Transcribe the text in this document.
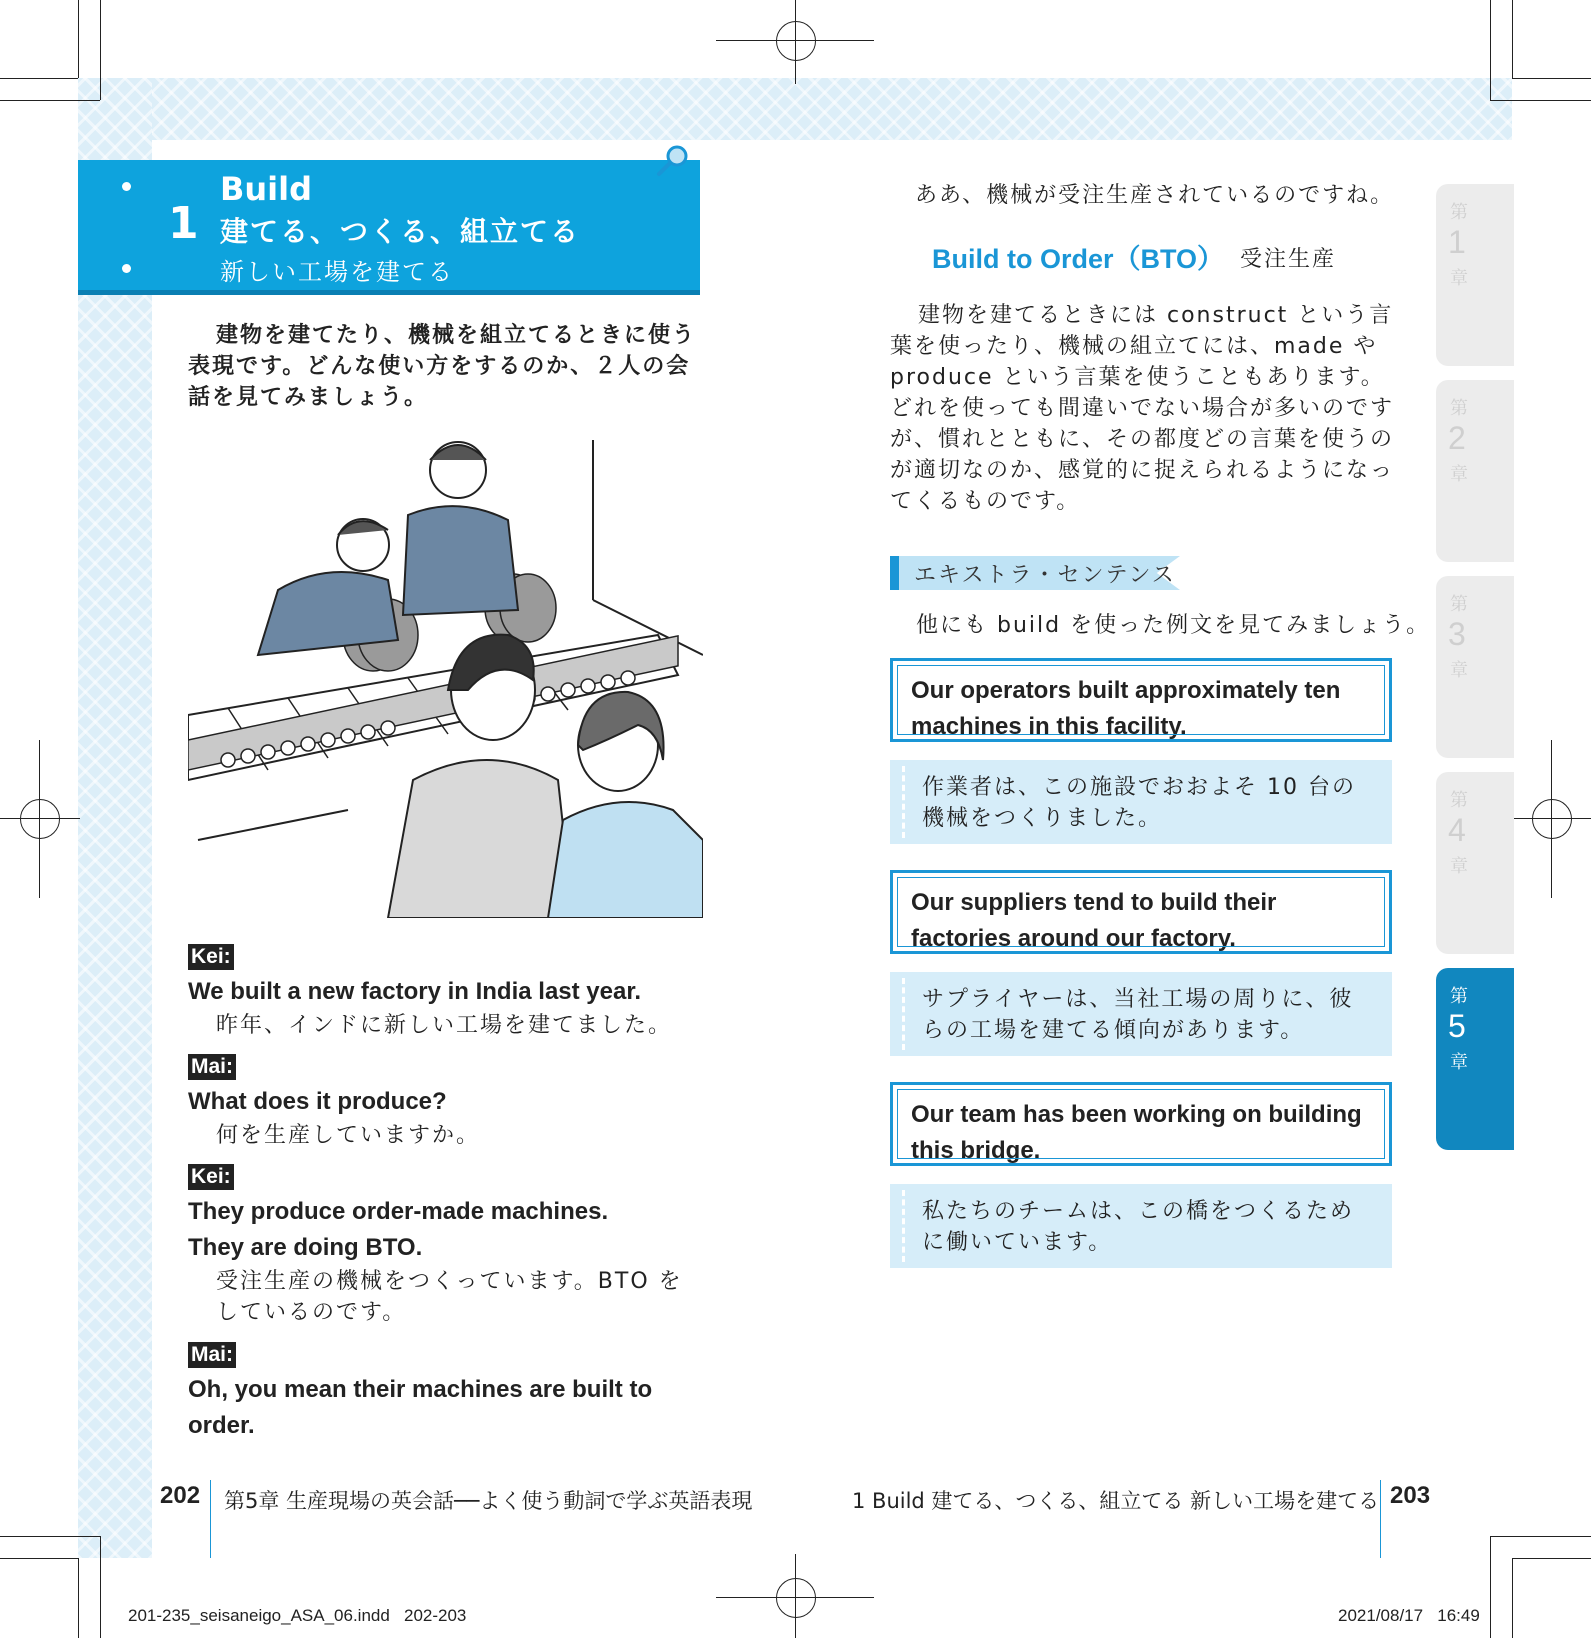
1
Build
建てる、つくる、組立てる
新しい工場を建てる
建物を建てたり、機械を組立てるときに使う表現です。どんな使い方をするのか、２人の会話を見てみましょう。
Kei:
We built a new factory in India last year.
昨年、インドに新しい工場を建てました。
Mai:
What does it produce?
何を生産していますか。
Kei:
They produce order-made machines. They are doing BTO.
受注生産の機械をつくっています。BTO をしているのです。
Mai:
Oh, you mean their machines are built to order.
ああ、機械が受注生産されているのですね。
Build to Order（BTO） 受注生産
建物を建てるときには construct という言葉を使ったり、機械の組立てには、made や produce という言葉を使うこともあります。どれを使っても間違いでない場合が多いのですが、慣れとともに、その都度どの言葉を使うのが適切なのか、感覚的に捉えられるようになってくるものです。
エキストラ・センテンス
他にも build を使った例文を見てみましょう。
Our operators built approximately ten machines in this facility.
作業者は、この施設でおおよそ 10 台の機械をつくりました。
Our suppliers tend to build their factories around our factory.
サプライヤーは、当社工場の周りに、彼らの工場を建てる傾向があります。
Our team has been working on building this bridge.
私たちのチームは、この橋をつくるために働いています。
第
1
章
第
2
章
第
3
章
第
4
章
第
5
章
202 第5章 生産現場の英会話──よく使う動詞で学ぶ英語表現	1 Build 建てる、つくる、組立てる 新しい工場を建てる 203
201-235_seisaneigo_ASA_06.indd   202-203	2021/08/17   16:49
